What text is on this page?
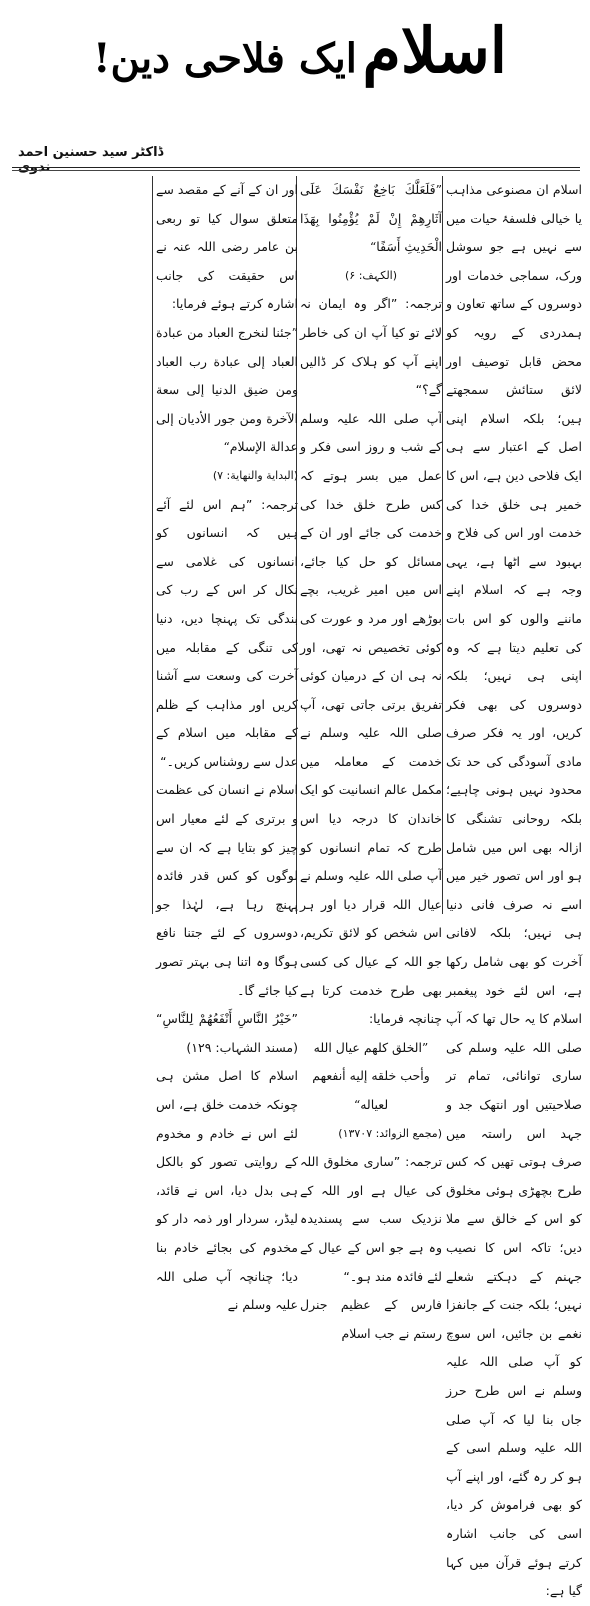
اسلام ایک فلاحی دین!
ڈاکٹر سید حسنین احمد ندوی

اسلام ان مصنوعی مذاہب یا خیالی فلسفۂ حیات میں سے نہیں ہے جو سوشل ورک، سماجی خدمات اور دوسروں کے ساتھ تعاون و ہمدردی کے رویہ کو محض قابل توصیف اور لائق ستائش سمجھتے ہیں؛ بلکہ اسلام اپنی اصل کے اعتبار سے ہی ایک فلاحی دین ہے، اس کا خمیر ہی خلق خدا کی خدمت اور اس کی فلاح و بہبود سے اٹھا ہے، یہی وجہ ہے کہ اسلام اپنے ماننے والوں کو اس بات کی تعلیم دیتا ہے کہ وہ اپنی ہی نہیں؛ بلکہ دوسروں کی بھی فکر کریں، اور یہ فکر صرف مادی آسودگی کی حد تک محدود نہیں ہونی چاہیے؛ بلکہ روحانی تشنگی کا ازالہ بھی اس میں شامل ہو اور اس تصور خیر میں اسے نہ صرف فانی دنیا ہی نہیں؛ بلکہ لافانی آخرت کو بھی شامل رکھا ہے، اس لئے خود پیغمبر اسلام کا یہ حال تھا کہ آپ صلی اللہ علیہ وسلم کی ساری توانائی، تمام تر صلاحیتیں اور انتھک جد و جہد اس راستہ میں صرف ہوتی تھیں کہ کس طرح بچھڑی ہوئی مخلوق کو اس کے خالق سے ملا دیں؛ تاکہ اس کا نصیب جہنم کے دہکتے شعلے نہیں؛ بلکہ جنت کے جانفزا نغمے بن جائیں، اس سوچ کو آپ صلی اللہ علیہ وسلم نے اس طرح حرز جاں بنا لیا کہ آپ صلی اللہ علیہ وسلم اسی کے ہو کر رہ گئے، اور اپنے آپ کو بھی فراموش کر دیا، اسی کی جانب اشارہ کرتے ہوئے قرآن میں کہا گیا ہے:

”فَلَعَلَّكَ بَاخِعٌ نَفْسَكَ عَلَى آثَارِهِمْ إِنْ لَمْ يُؤْمِنُوا بِهَذَا الْحَدِيثِ أَسَفًا“

(الکہف: ۶)

ترجمہ: ”اگر وہ ایمان نہ لائے تو کیا آپ ان کی خاطر اپنے آپ کو ہلاک کر ڈالیں گے؟“

آپ صلی اللہ علیہ وسلم کے شب و روز اسی فکر و عمل میں بسر ہوتے کہ کس طرح خلق خدا کی خدمت کی جائے اور ان کے مسائل کو حل کیا جائے، اس میں امیر غریب، بچے بوڑھے اور مرد و عورت کی کوئی تخصیص نہ تھی، اور نہ ہی ان کے درمیان کوئی تفریق برتی جاتی تھی، آپ صلی اللہ علیہ وسلم نے خدمت کے معاملہ میں مکمل عالم انسانیت کو ایک خاندان کا درجہ دیا اس طرح کہ تمام انسانوں کو آپ صلی اللہ علیہ وسلم نے عیال اللہ قرار دیا اور ہر اس شخص کو لائق تکریم، جو اللہ کے عیال کی کسی بھی طرح خدمت کرتا ہے چنانچہ فرمایا:

”الخلق كلهم عيال الله وأحب خلقه إليه أنفعهم لعياله“

(مجمع الزوائد: ۱۳۷۰۷)

ترجمہ: ”ساری مخلوق اللہ کی عیال ہے اور اللہ کے نزدیک سب سے پسندیدہ وہ ہے جو اس کے عیال کے لئے فائدہ مند ہو۔“

فارس کے عظیم جنرل رستم نے جب اسلام

اور ان کے آنے کے مقصد سے متعلق سوال کیا تو ربعی بن عامر رضی اللہ عنہ نے اس حقیقت کی جانب اشارہ کرتے ہوئے فرمایا:

”جئنا لنخرج العباد من عبادة العباد إلى عبادة رب العباد ومن ضيق الدنيا إلى سعة الآخرة ومن جور الأديان إلى عدالة الإسلام“

(البداية والنهاية: ۷)

ترجمہ: ”ہم اس لئے آئے ہیں کہ انسانوں کو انسانوں کی غلامی سے نکال کر اس کے رب کی بندگی تک پہنچا دیں، دنیا کی تنگی کے مقابلہ میں آخرت کی وسعت سے آشنا کریں اور مذاہب کے ظلم کے مقابلہ میں اسلام کے عدل سے روشناس کریں۔“

اسلام نے انسان کی عظمت و برتری کے لئے معیار اس چیز کو بتایا ہے کہ ان سے لوگوں کو کس قدر فائدہ پہنچ رہا ہے، لہٰذا جو دوسروں کے لئے جتنا نافع ہوگا وہ اتنا ہی بہتر تصور کیا جائے گا۔

”خَيْرُ النَّاسِ أَنْفَعُهُمْ لِلنَّاسِ“ (مسند الشہاب: ۱۲۹)

اسلام کا اصل مشن ہی چونکہ خدمت خلق ہے، اس لئے اس نے خادم و مخدوم کے روایتی تصور کو بالکل ہی بدل دیا، اس نے قائد، لیڈر، سردار اور ذمہ دار کو مخدوم کی بجائے خادم بنا دیا؛ چنانچہ آپ صلی اللہ علیہ وسلم نے
